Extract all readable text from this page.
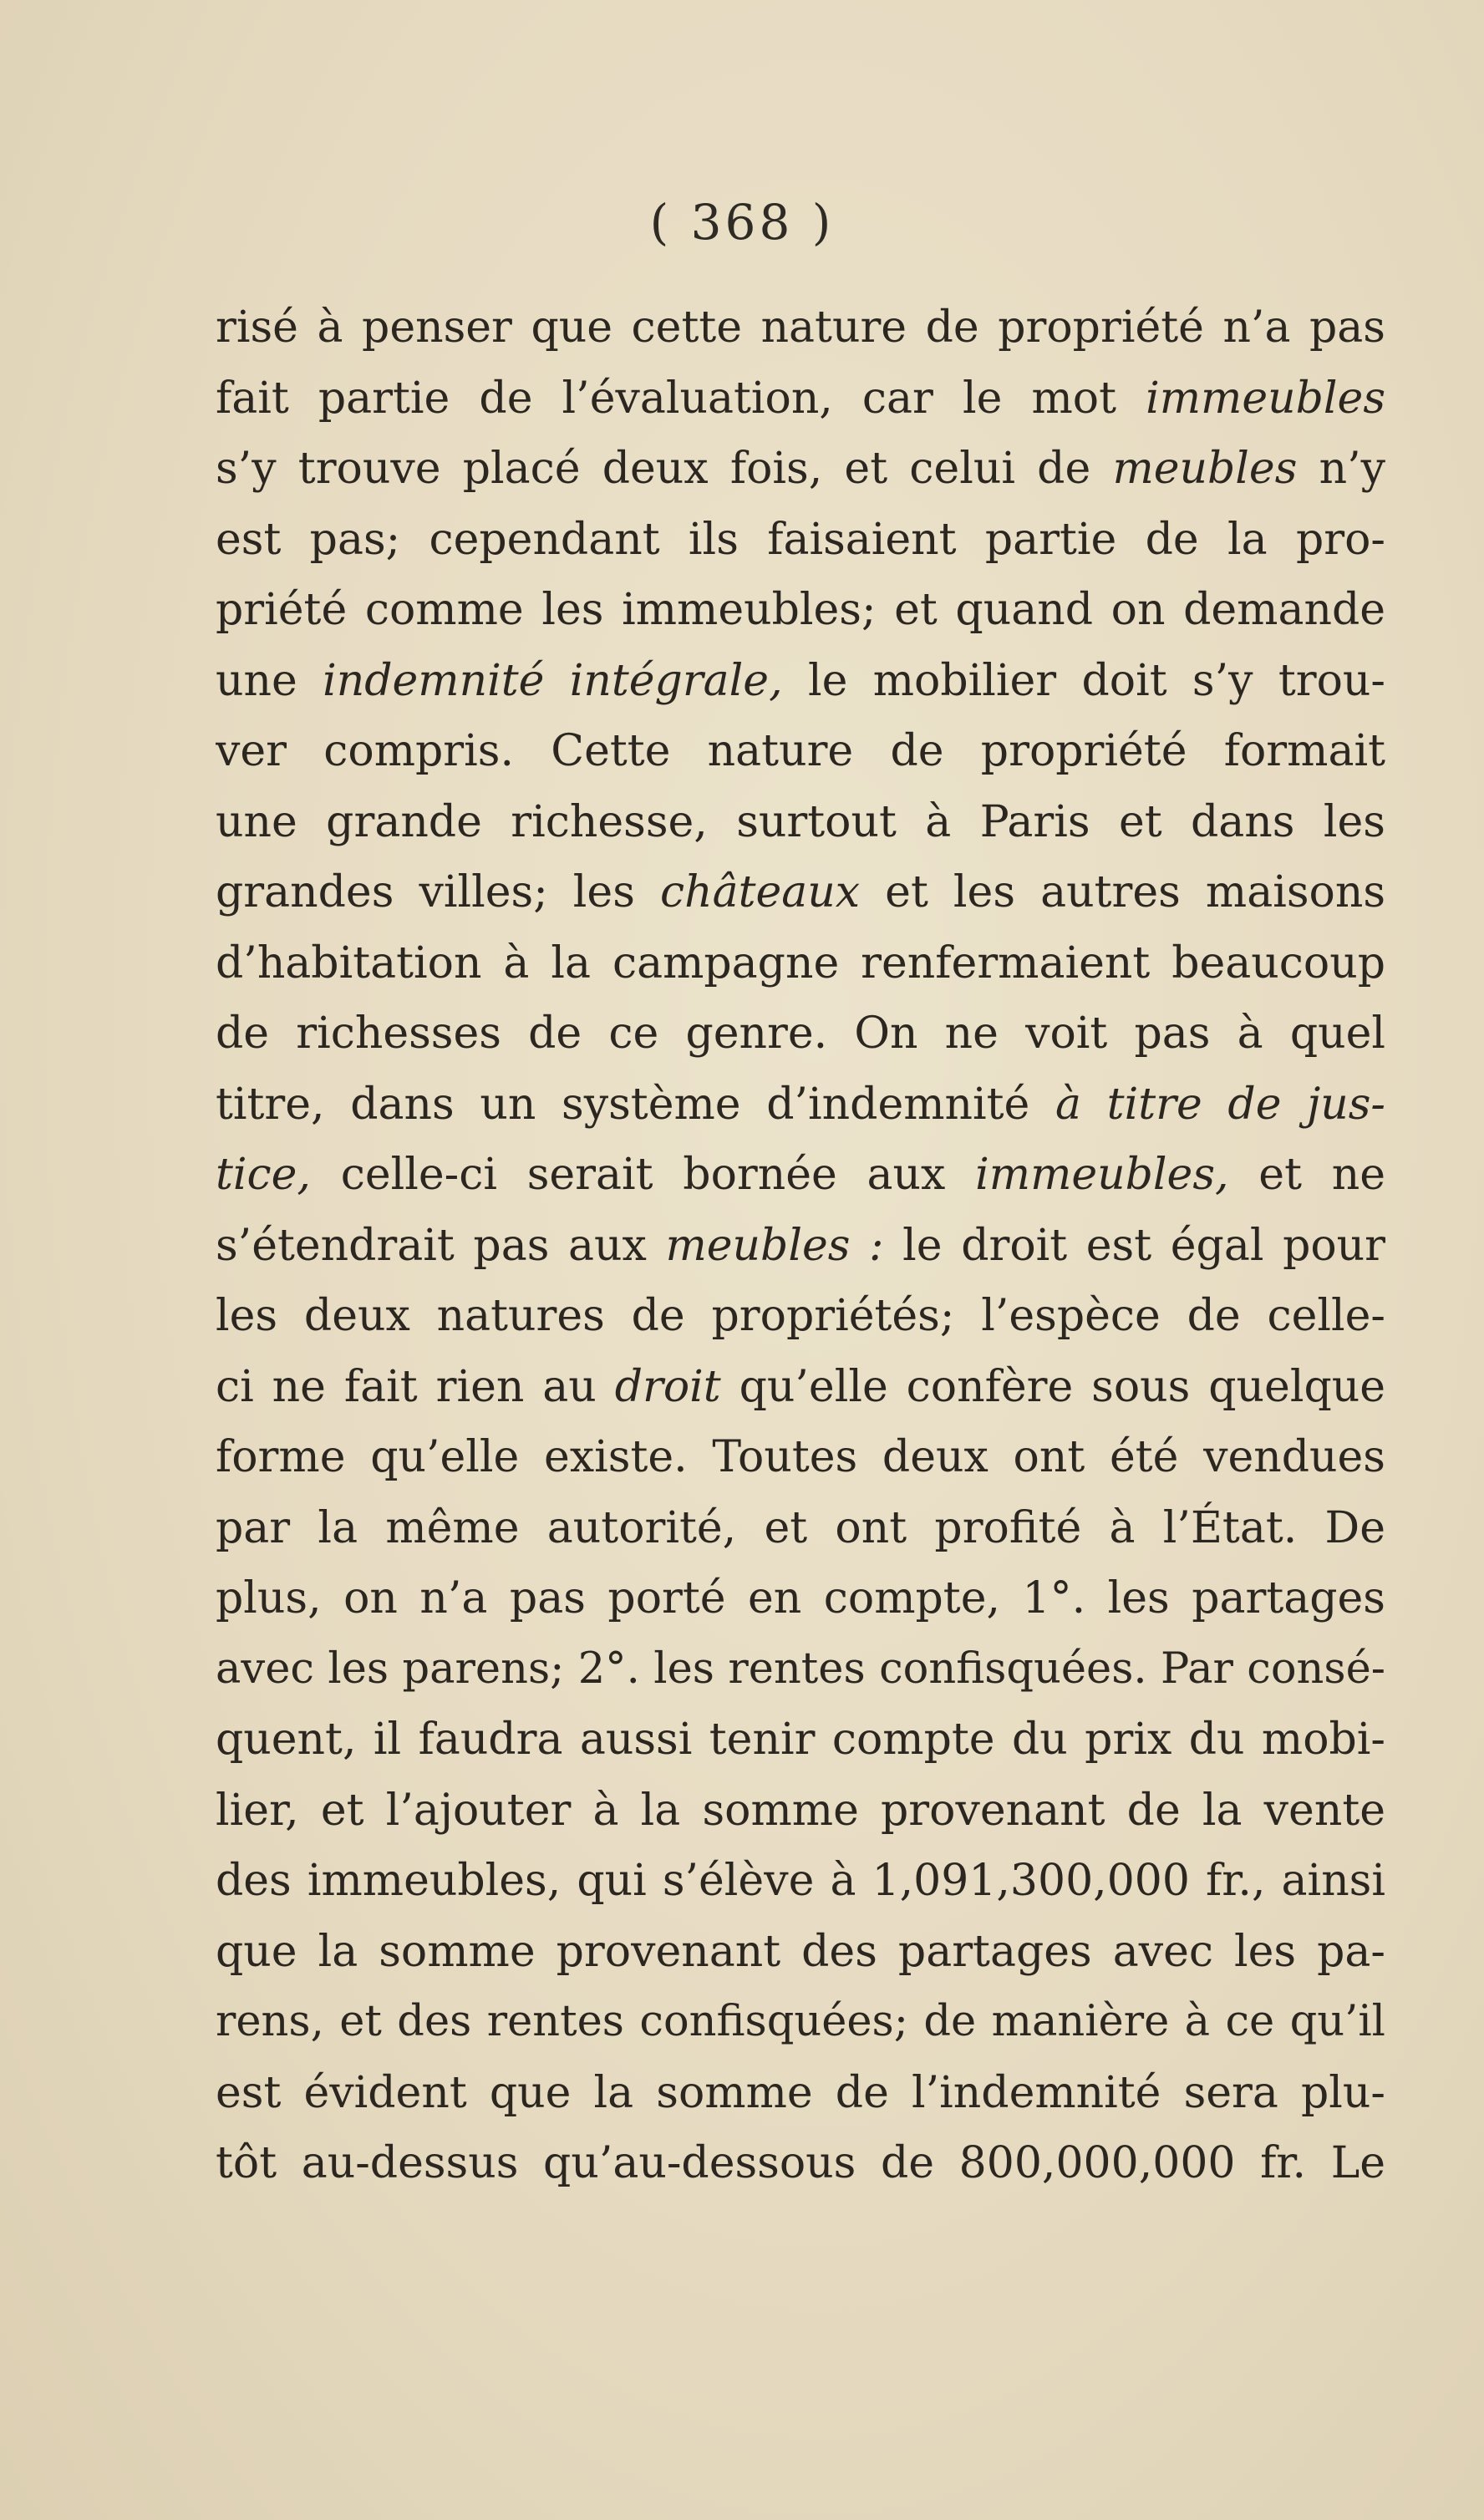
( 368 )
risé à penser que cette nature de propriété n’a pas
fait partie de l’évaluation, car le mot immeubles
s’y trouve placé deux fois, et celui de meubles n’y
est pas; cependant ils faisaient partie de la pro-
priété comme les immeubles; et quand on demande
une indemnité intégrale, le mobilier doit s’y trou-
ver compris. Cette nature de propriété formait
une grande richesse, surtout à Paris et dans les
grandes villes; les châteaux et les autres maisons
d’habitation à la campagne renfermaient beaucoup
de richesses de ce genre. On ne voit pas à quel
titre, dans un système d’indemnité à titre de jus-
tice, celle-ci serait bornée aux immeubles, et ne
s’étendrait pas aux meubles : le droit est égal pour
les deux natures de propriétés; l’espèce de celle-
ci ne fait rien au droit qu’elle confère sous quelque
forme qu’elle existe. Toutes deux ont été vendues
par la même autorité, et ont profité à l’État. De
plus, on n’a pas porté en compte, 1°. les partages
avec les parens; 2°. les rentes confisquées. Par consé-
quent, il faudra aussi tenir compte du prix du mobi-
lier, et l’ajouter à la somme provenant de la vente
des immeubles, qui s’élève à 1,091,300,000 fr., ainsi
que la somme provenant des partages avec les pa-
rens, et des rentes confisquées; de manière à ce qu’il
est évident que la somme de l’indemnité sera plu-
tôt au-dessus qu’au-dessous de 800,000,000 fr. Le
